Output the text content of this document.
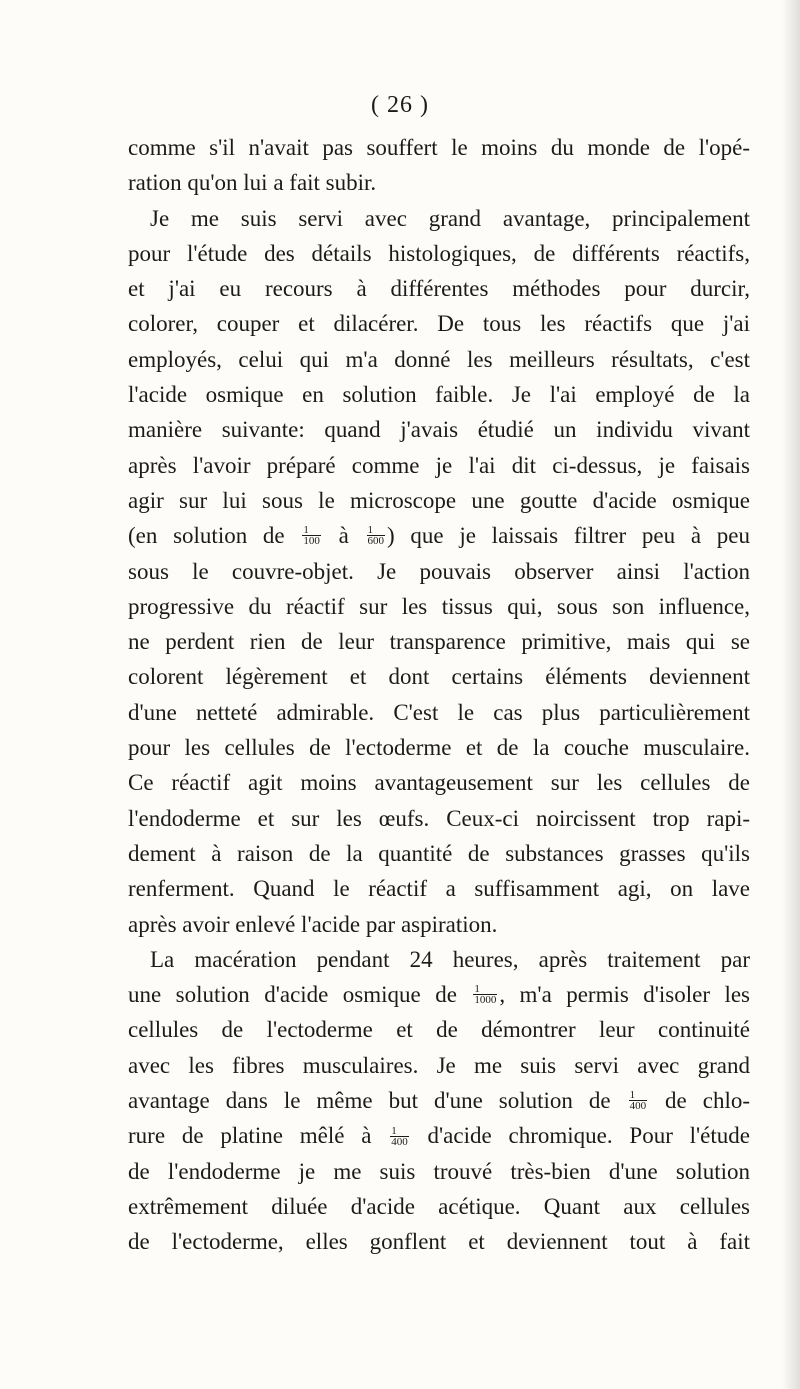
( 26 )
comme s'il n'avait pas souffert le moins du monde de l'opé-
ration qu'on lui a fait subir.
Je me suis servi avec grand avantage, principalement
pour l'étude des détails histologiques, de différents réactifs,
et j'ai eu recours à différentes méthodes pour durcir,
colorer, couper et dilacérer. De tous les réactifs que j'ai
employés, celui qui m'a donné les meilleurs résultats, c'est
l'acide osmique en solution faible. Je l'ai employé de la
manière suivante: quand j'avais étudié un individu vivant
après l'avoir préparé comme je l'ai dit ci-dessus, je faisais
agir sur lui sous le microscope une goutte d'acide osmique
(en solution de $\frac{1}{100}$ à $\frac{1}{600}$ ) que je laissais filtrer peu à peu
sous le couvre-objet. Je pouvais observer ainsi l'action
progressive du réactif sur les tissus qui, sous son influence,
ne perdent rien de leur transparence primitive, mais qui se
colorent légèrement et dont certains éléments deviennent
d'une netteté admirable. C'est le cas plus particulièrement
pour les cellules de l'ectoderme et de la couche musculaire.
Ce réactif agit moins avantageusement sur les cellules de
l'endoderme et sur les œufs. Ceux-ci noircissent trop rapi-
dement à raison de la quantité de substances grasses qu'ils
renferment. Quand le réactif a suffisamment agi, on lave
après avoir enlevé l'acide par aspiration.
La macération pendant 24 heures, après traitement par
une solution d'acide osmique de $\frac{1}{1000}$ , m'a permis d'isoler les
cellules de l'ectoderme et de démontrer leur continuité
avec les fibres musculaires. Je me suis servi avec grand
avantage dans le même but d'une solution de $\frac{1}{400}$ de chlo-
rure de platine mêlé à $\frac{1}{400}$ d'acide chromique. Pour l'étude
de l'endoderme je me suis trouvé très-bien d'une solution
extrêmement diluée d'acide acétique. Quant aux cellules
de l'ectoderme, elles gonflent et deviennent tout à fait
